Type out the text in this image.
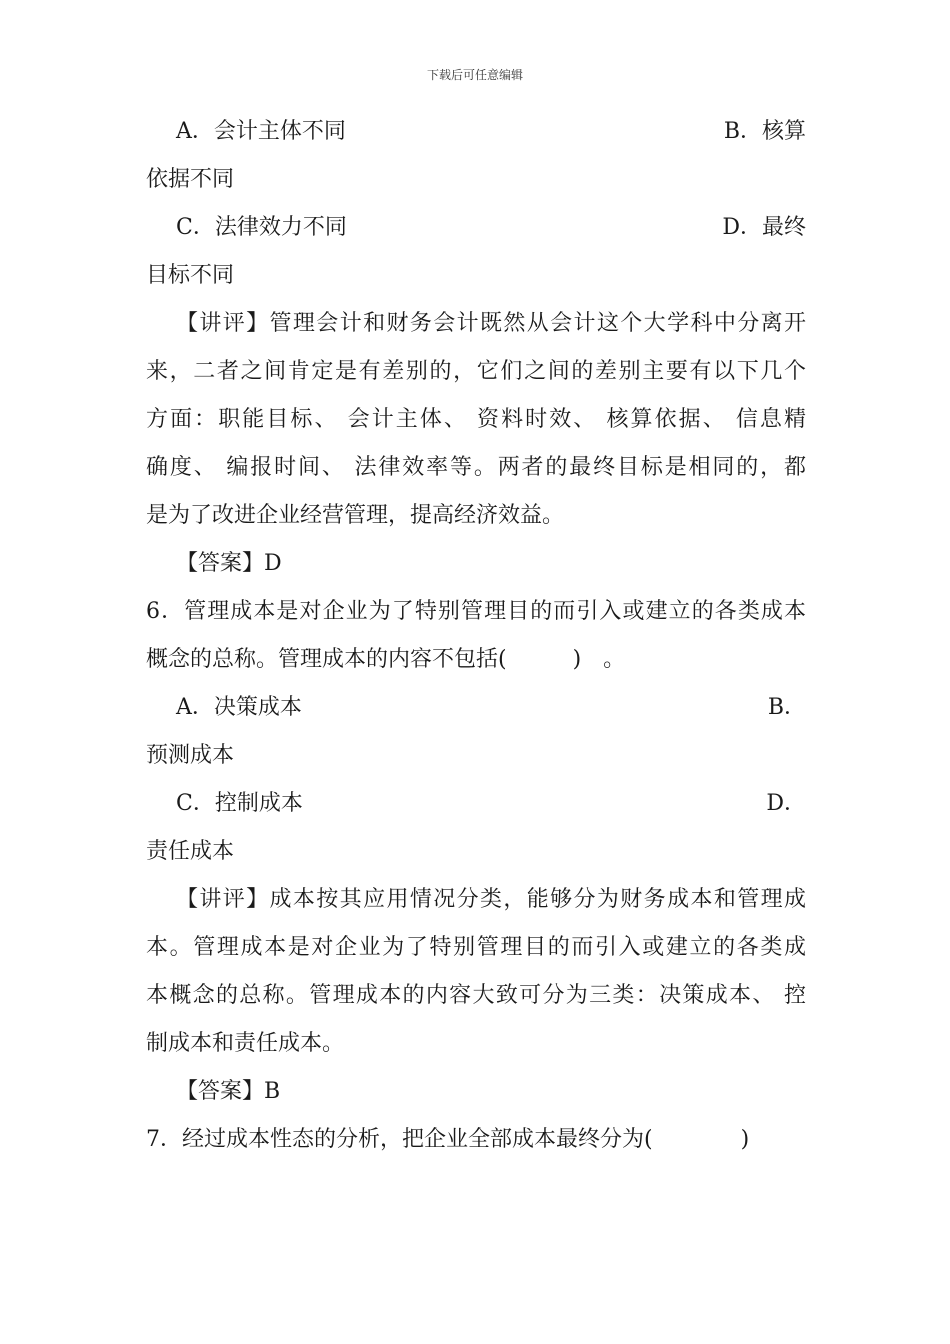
下载后可任意编辑
A．会计主体不同	B．核算
依据不同
C．法律效力不同	D．最终
目标不同
【讲评】管理会计和财务会计既然从会计这个大学科中分离开
来，二者之间肯定是有差别的，它们之间的差别主要有以下几个
方面：职能目标、 会计主体、 资料时效、 核算依据、 信息精
确度、 编报时间、 法律效率等。两者的最终目标是相同的，都
是为了改进企业经营管理，提高经济效益。
【答案】D
6．管理成本是对企业为了特别管理目的而引入或建立的各类成本
概念的总称。管理成本的内容不包括(　　　)　。
A．决策成本	B．
预测成本
C．控制成本	D．
责任成本
【讲评】成本按其应用情况分类，能够分为财务成本和管理成
本。管理成本是对企业为了特别管理目的而引入或建立的各类成
本概念的总称。管理成本的内容大致可分为三类：决策成本、 控
制成本和责任成本。
【答案】B
7．经过成本性态的分析，把企业全部成本最终分为(　　　　)
